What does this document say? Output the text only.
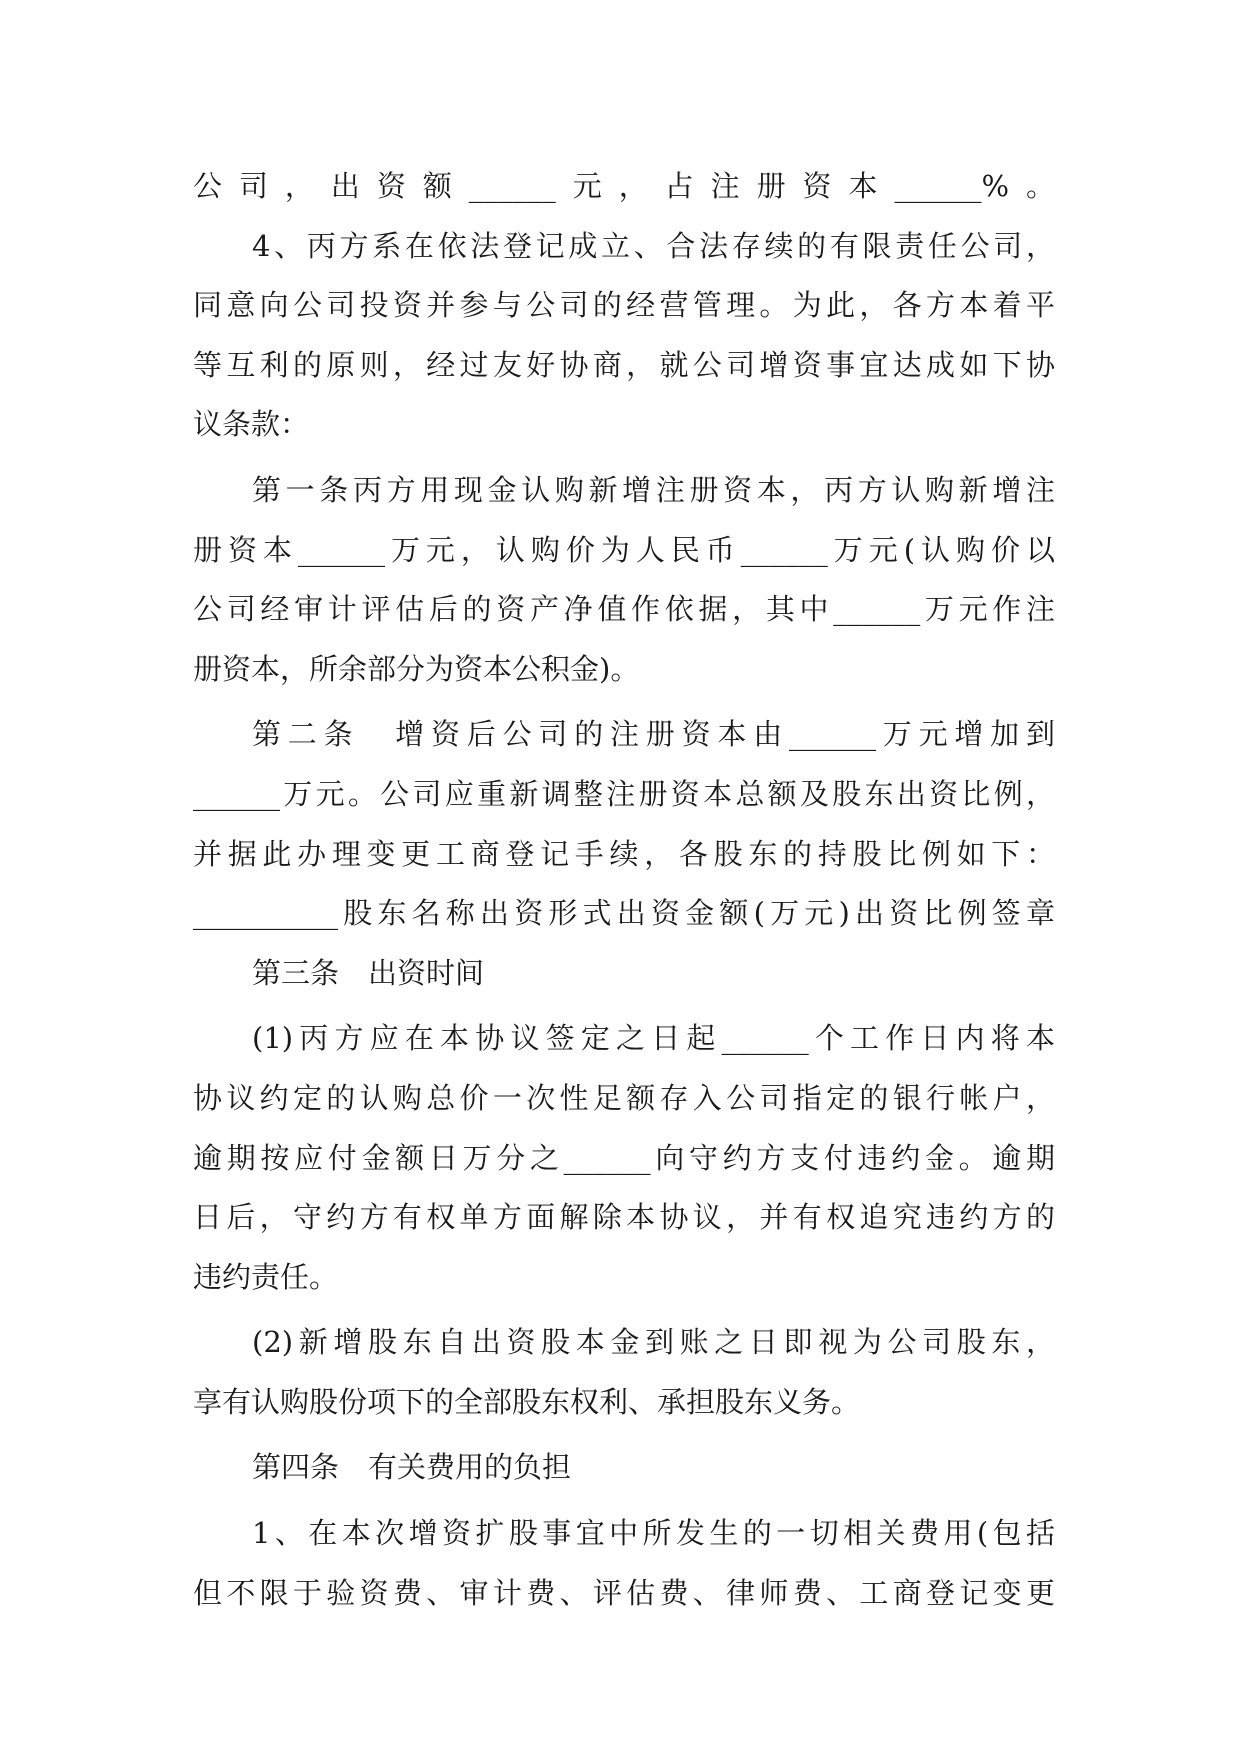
公司，出资额______元，占注册资本______%。
4、丙方系在依法登记成立、合法存续的有限责任公司，
同意向公司投资并参与公司的经营管理。为此，各方本着平
等互利的原则，经过友好协商，就公司增资事宜达成如下协
议条款：
第一条丙方用现金认购新增注册资本，丙方认购新增注
册资本______万元，认购价为人民币______万元(认购价以
公司经审计评估后的资产净值作依据，其中______万元作注
册资本，所余部分为资本公积金)。
第二条　增资后公司的注册资本由______万元增加到
______万元。公司应重新调整注册资本总额及股东出资比例，
并据此办理变更工商登记手续，各股东的持股比例如下：
__________股东名称出资形式出资金额(万元)出资比例签章
第三条　出资时间
(1)丙方应在本协议签定之日起______个工作日内将本
协议约定的认购总价一次性足额存入公司指定的银行帐户，
逾期按应付金额日万分之______向守约方支付违约金。逾期
日后，守约方有权单方面解除本协议，并有权追究违约方的
违约责任。
(2)新增股东自出资股本金到账之日即视为公司股东，
享有认购股份项下的全部股东权利、承担股东义务。
第四条　有关费用的负担
1、在本次增资扩股事宜中所发生的一切相关费用(包括
但不限于验资费、审计费、评估费、律师费、工商登记变更
